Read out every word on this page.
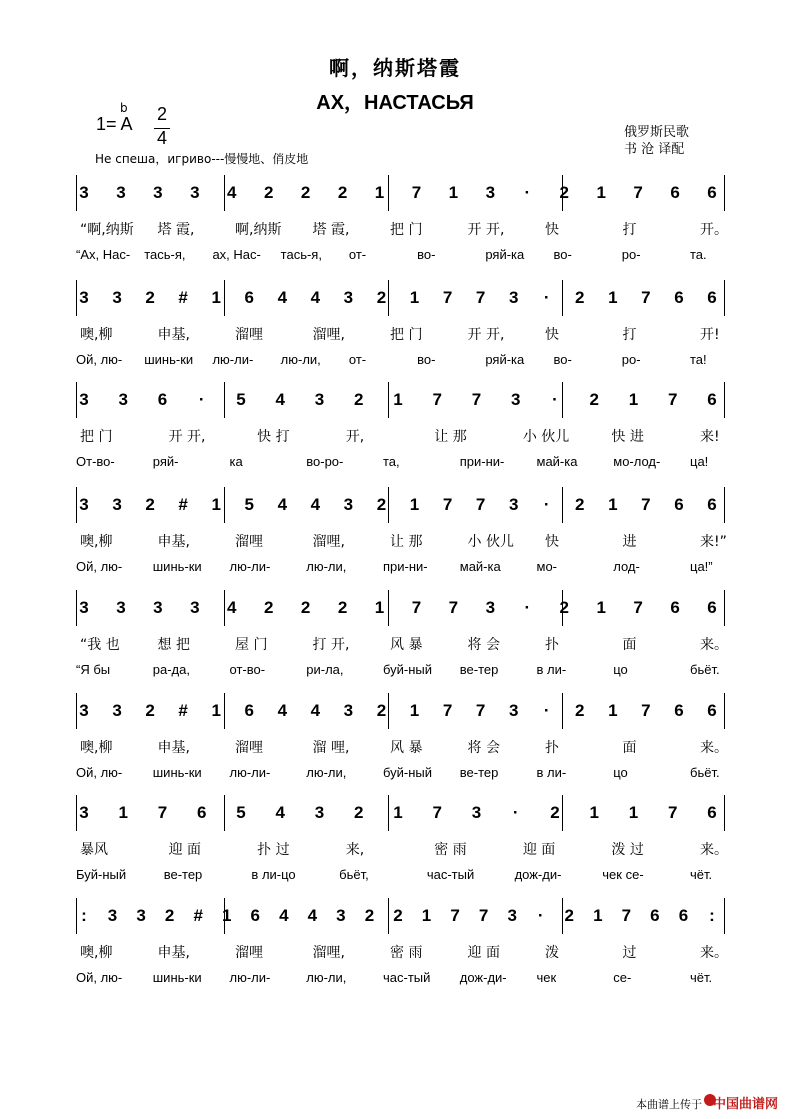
啊，纳斯塔霞
АХ，НАСТАСЬЯ
b
1= A 2
4	俄罗斯民歌
书 沧 译配
Не спеша，игриво---慢慢地、俏皮地
3 3 3 3 4 2 2 2 1 7 1 3 · 2 1 7 6 6
“啊,纳斯 塔 霞,	啊,纳斯 塔 霞,	把 门	开 开,	快	打	开。
“Ах, Нас- тась-я, ах, Нас- тась-я, от-	во-	ряй-ка во-	ро-	та.
3 3 2 # 1 6 4 4 3 2 1 7 7 3 · 2 1 7 6 6
噢,柳	申基,	溜哩	溜哩,	把 门	开 开,	快	打	开!
Ой, лю- шинь-ки лю-ли- лю-ли, от-	во-	ряй-ка во-	ро-	та!
3 3 6 · 5 4 3 2 1 7 7 3 · 2 1 7 6
把 门	开 开,	快 打	开,	让 那	小 伙儿	快 进	来!
От-во-	ряй-	ка	во-ро-	та,	при-ни- май-ка	мо-лод- ца!
3 3 2 # 1 5 4 4 3 2 1 7 7 3 · 2 1 7 6 6
噢,柳	申基,	溜哩	溜哩,	让 那	小 伙儿 快	进	来!”
Ой, лю- шинь-ки лю-ли-	лю-ли,	при-ни- май-ка	мо-	лод-	ца!”
3 3 3 3 4 2 2 2 1 7 7 3 · 2 1 7 6 6
“我 也	想 把	屋 门	打 开,	风 暴	将 会	扑	面	来。
“Я бы	ра-да,	от-во-	ри-ла,	буй-ный ве-тер	в ли-	цо	бьёт.
3 3 2 # 1 6 4 4 3 2 1 7 7 3 · 2 1 7 6 6
噢,柳	申基,	溜哩	溜 哩,	风 暴	将 会	扑	面	来。
Ой, лю- шинь-ки лю-ли-	лю-ли,	буй-ный ве-тер	в ли-	цо	бьёт.
3 1 7 6 5 4 3 2 1 7 3 · 2 1 1 7 6
暴风	迎 面	扑 过	来,	密 雨	迎 面	泼 过	来。
Буй-ный	ве-тер	в ли-цо	бьёт,	час-тый	дож-ди-	чек се-	чёт.
: 3 3 2 # 1 6 4 4 3 2 2 1 7 7 3 · 2 1 7 6 6 :
噢,柳	申基,	溜哩	溜哩,	密 雨	迎 面	泼	过	来。
Ой, лю- шинь-ки лю-ли-	лю-ли,	час-тый дож-ди- чек	се-	чёт.
本曲谱上传于 中国曲谱网
